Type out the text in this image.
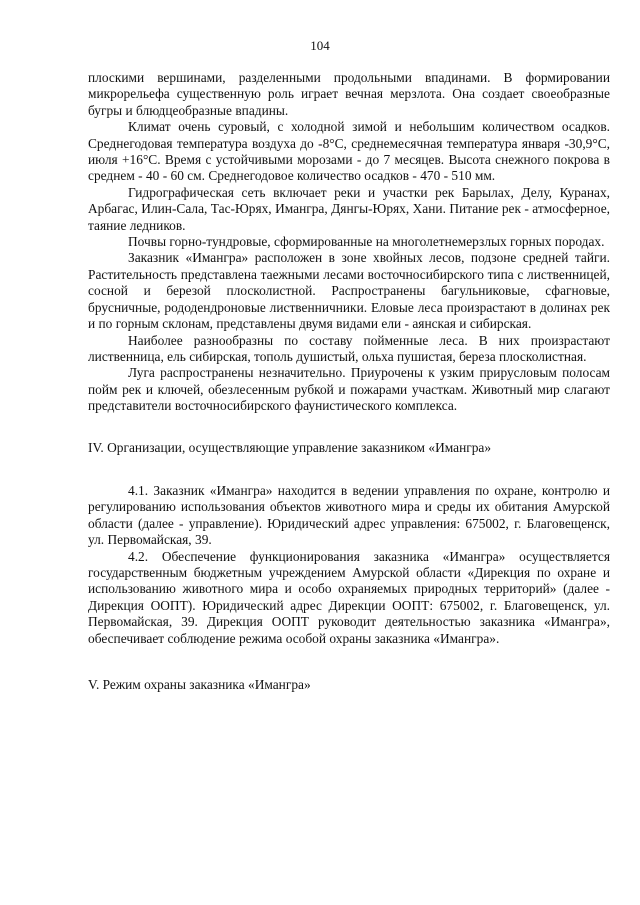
104

плоскими вершинами, разделенными продольными впадинами. В формировании микрорельефа существенную роль играет вечная мерзлота. Она создает своеобразные бугры и блюдцеобразные впадины.

Климат очень суровый, с холодной зимой и небольшим количеством осадков. Среднегодовая температура воздуха до -8°С, среднемесячная температура января -30,9°С, июля +16°С. Время с устойчивыми морозами - до 7 месяцев. Высота снежного покрова в среднем - 40 - 60 см. Среднегодовое количество осадков - 470 - 510 мм.

Гидрографическая сеть включает реки и участки рек Барылах, Делу, Куранах, Арбагас, Илин-Сала, Тас-Юрях, Имангра, Дянгы-Юрях, Хани. Питание рек - атмосферное, таяние ледников.

Почвы горно-тундровые, сформированные на многолетнемерзлых горных породах.

Заказник «Имангра» расположен в зоне хвойных лесов, подзоне средней тайги. Растительность представлена таежными лесами восточносибирского типа с лиственницей, сосной и березой плосколистной. Распространены багульниковые, сфагновые, брусничные, рододендроновые лиственничники. Еловые леса произрастают в долинах рек и по горным склонам, представлены двумя видами ели - аянская и сибирская.

Наиболее разнообразны по составу пойменные леса. В них произрастают лиственница, ель сибирская, тополь душистый, ольха пушистая, береза плосколистная.

Луга распространены незначительно. Приурочены к узким прирусловым полосам пойм рек и ключей, обезлесенным рубкой и пожарами участкам. Животный мир слагают представители восточносибирского фаунистического комплекса.

IV. Организации, осуществляющие управление заказником «Имангра»

4.1. Заказник «Имангра» находится в ведении управления по охране, контролю и регулированию использования объектов животного мира и среды их обитания Амурской области (далее - управление). Юридический адрес управления: 675002, г. Благовещенск, ул. Первомайская, 39.

4.2. Обеспечение функционирования заказника «Имангра» осуществляется государственным бюджетным учреждением Амурской области «Дирекция по охране и использованию животного мира и особо охраняемых природных территорий» (далее - Дирекция ООПТ). Юридический адрес Дирекции ООПТ: 675002, г. Благовещенск, ул. Первомайская, 39. Дирекция ООПТ руководит деятельностью заказника «Имангра», обеспечивает соблюдение режима особой охраны заказника «Имангра».

V. Режим охраны заказника «Имангра»
